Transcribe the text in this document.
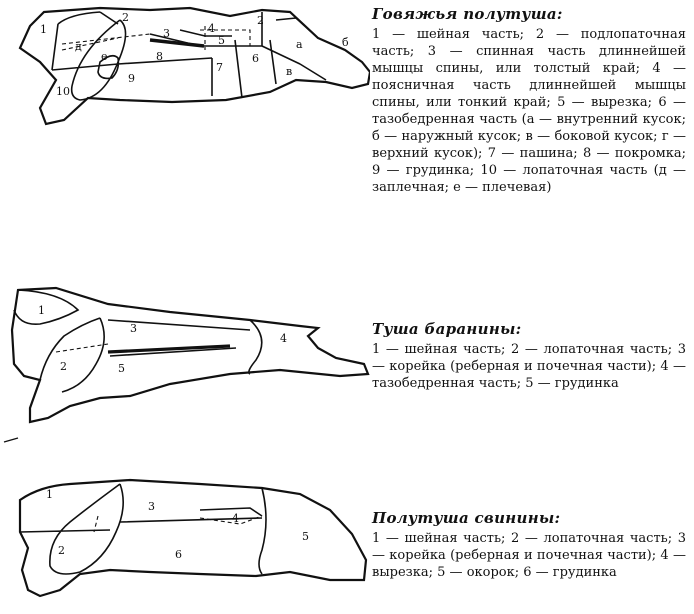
1
2
3	4
5
2
6
а	б
в
7
8
9
10
д
е
1
2
3
4
5
1
2
3
4
5
6
Говяжья полутуша:
1 — шейная часть; 2 — подлопаточная часть; 3 — спинная часть длиннейшей мышцы спины, или толстый край; 4 — поясничная часть длиннейшей мышцы спины, или тонкий край; 5 — вырезка; 6 — тазобедренная часть (а — внутренний кусок; б — наружный кусок; в — боковой кусок; г — верхний кусок); 7 — пашина; 8 — покромка; 9 — грудинка; 10 — лопаточная часть (д — заплечная; е — плечевая)
Туша баранины:
1 — шейная часть; 2 — лопаточная часть; 3 — корейка (реберная и почечная части); 4 — тазобедренная часть; 5 — грудинка
Полутуша свинины:
1 — шейная часть; 2 — лопаточная часть; 3 — корейка (реберная и почечная части); 4 — вырезка; 5 — окорок; 6 — грудинка
